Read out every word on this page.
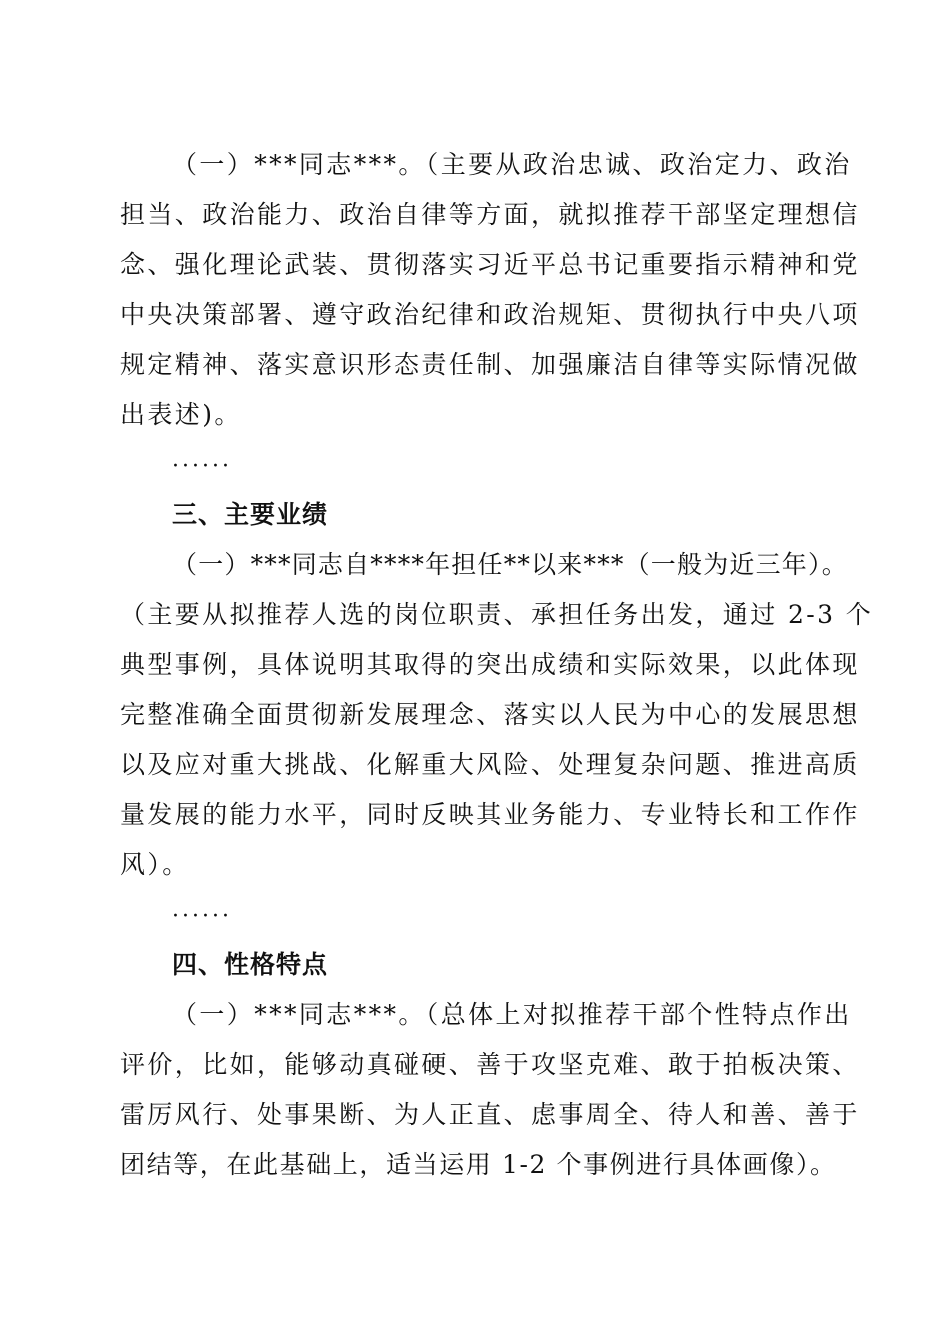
（一）***同志***。（主要从政治忠诚、政治定力、政治
担当、政治能力、政治自律等方面，就拟推荐干部坚定理想信
念、强化理论武装、贯彻落实习近平总书记重要指示精神和党
中央决策部署、遵守政治纪律和政治规矩、贯彻执行中央八项
规定精神、落实意识形态责任制、加强廉洁自律等实际情况做
出表述)。
······
三、主要业绩
（一）***同志自****年担任**以来***（一般为近三年）。
（主要从拟推荐人选的岗位职责、承担任务出发，通过 2-3 个
典型事例，具体说明其取得的突出成绩和实际效果，以此体现
完整准确全面贯彻新发展理念、落实以人民为中心的发展思想
以及应对重大挑战、化解重大风险、处理复杂问题、推进高质
量发展的能力水平，同时反映其业务能力、专业特长和工作作
风）。
······
四、性格特点
（一）***同志***。（总体上对拟推荐干部个性特点作出
评价，比如，能够动真碰硬、善于攻坚克难、敢于拍板决策、
雷厉风行、处事果断、为人正直、虑事周全、待人和善、善于
团结等，在此基础上，适当运用 1-2 个事例进行具体画像）。
